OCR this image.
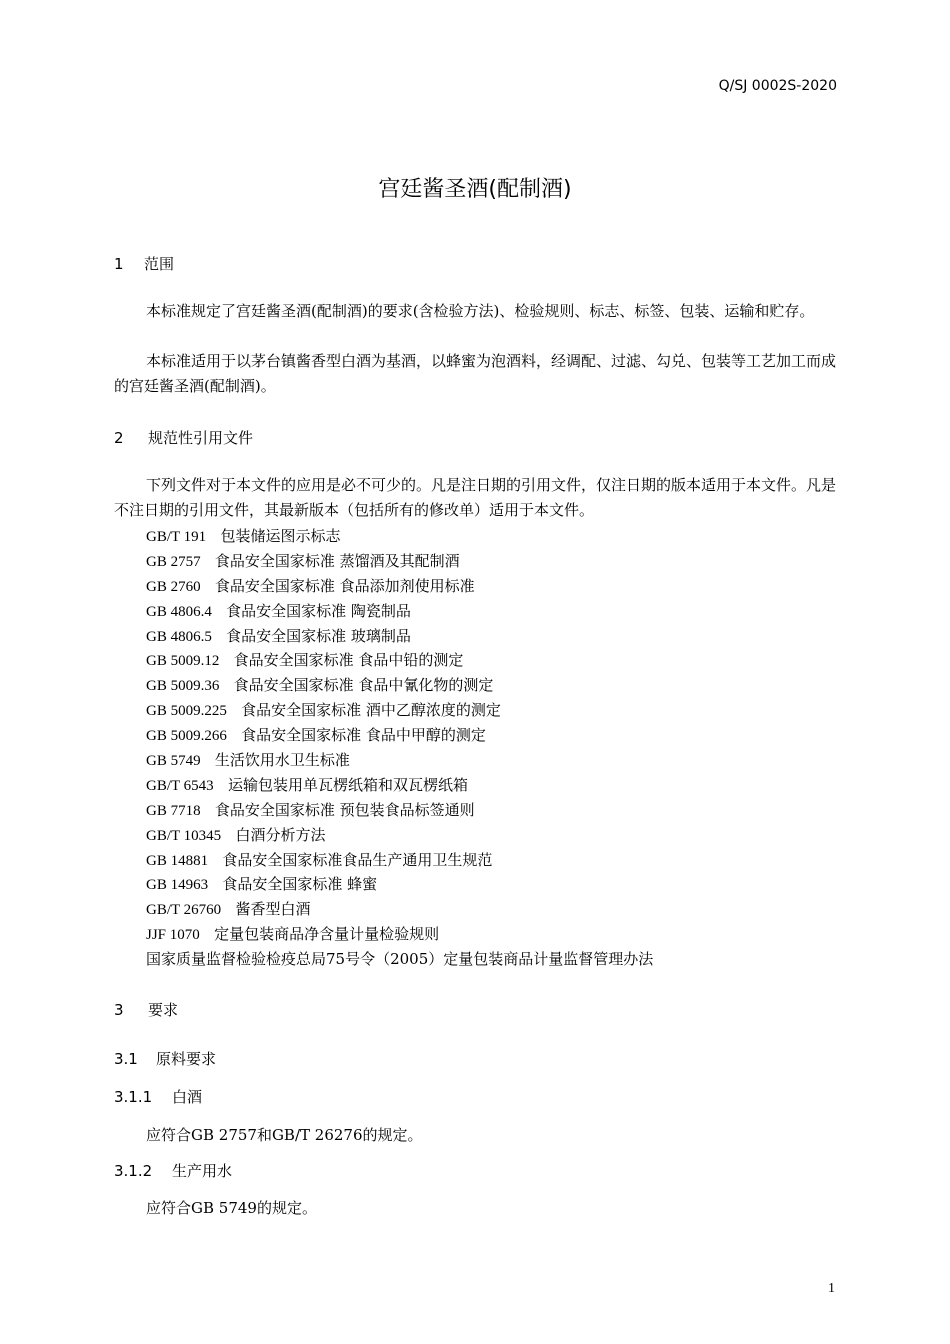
Q/SJ 0002S-2020
宫廷酱圣酒(配制酒)
1 范围
本标准规定了宫廷酱圣酒(配制酒)的要求(含检验方法)、检验规则、标志、标签、包装、运输和贮存。
本标准适用于以茅台镇酱香型白酒为基酒，以蜂蜜为泡酒料，经调配、过滤、勾兑、包装等工艺加工而成的宫廷酱圣酒(配制酒)。
2 规范性引用文件
下列文件对于本文件的应用是必不可少的。凡是注日期的引用文件，仅注日期的版本适用于本文件。凡是不注日期的引用文件，其最新版本（包括所有的修改单）适用于本文件。
GB/T 191 包装储运图示标志
GB 2757 食品安全国家标准 蒸馏酒及其配制酒
GB 2760 食品安全国家标准 食品添加剂使用标准
GB 4806.4 食品安全国家标准 陶瓷制品
GB 4806.5 食品安全国家标准 玻璃制品
GB 5009.12 食品安全国家标准 食品中铅的测定
GB 5009.36 食品安全国家标准 食品中氰化物的测定
GB 5009.225 食品安全国家标准 酒中乙醇浓度的测定
GB 5009.266 食品安全国家标准 食品中甲醇的测定
GB 5749 生活饮用水卫生标准
GB/T 6543 运输包装用单瓦楞纸箱和双瓦楞纸箱
GB 7718 食品安全国家标准 预包装食品标签通则
GB/T 10345 白酒分析方法
GB 14881 食品安全国家标准食品生产通用卫生规范
GB 14963 食品安全国家标准 蜂蜜
GB/T 26760 酱香型白酒
JJF 1070 定量包装商品净含量计量检验规则
国家质量监督检验检疫总局75号令（2005）定量包装商品计量监督管理办法
3 要求
3.1 原料要求
3.1.1 白酒
应符合GB 2757和GB/T 26276的规定。
3.1.2 生产用水
应符合GB 5749的规定。
1
